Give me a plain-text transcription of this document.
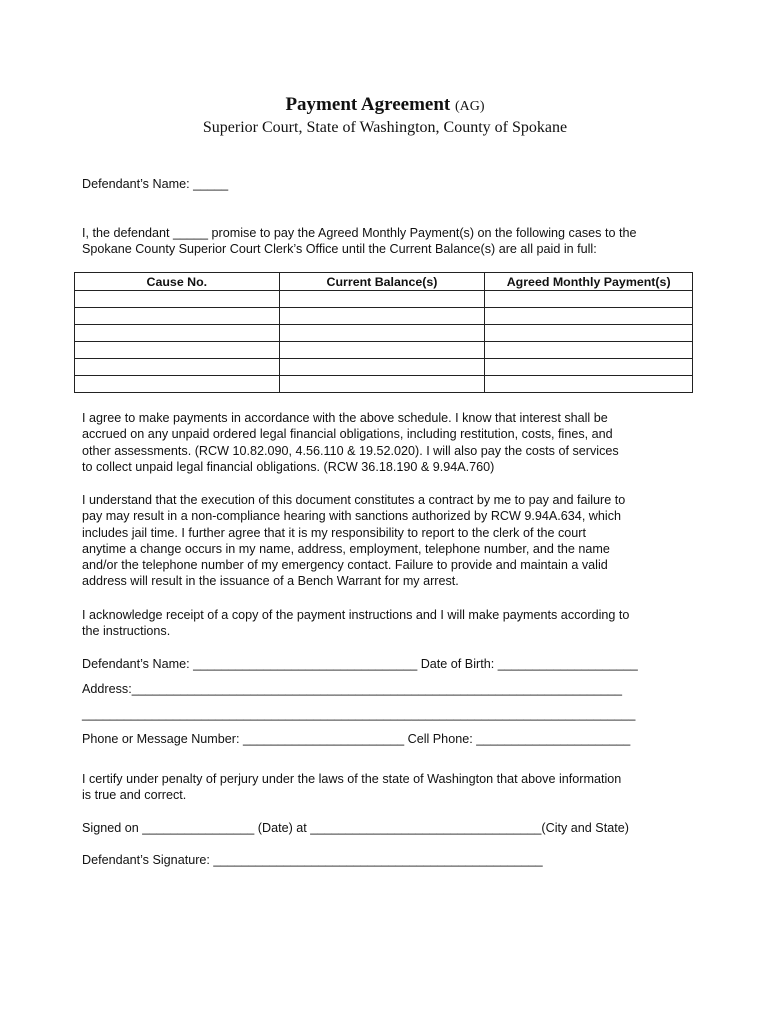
Payment Agreement (AG)
Superior Court, State of Washington, County of Spokane
Defendant’s Name: _____
I, the defendant _____ promise to pay the Agreed Monthly Payment(s) on the following cases to the
Spokane County Superior Court Clerk’s Office until the Current Balance(s) are all paid in full:
Cause No.	Current Balance(s)	Agreed Monthly Payment(s)

I agree to make payments in accordance with the above schedule. I know that interest shall be
accrued on any unpaid ordered legal financial obligations, including restitution, costs, fines, and
other assessments. (RCW 10.82.090, 4.56.110 & 19.52.020). I will also pay the costs of services
to collect unpaid legal financial obligations. (RCW 36.18.190 & 9.94A.760)
I understand that the execution of this document constitutes a contract by me to pay and failure to
pay may result in a non-compliance hearing with sanctions authorized by RCW 9.94A.634, which
includes jail time. I further agree that it is my responsibility to report to the clerk of the court
anytime a change occurs in my name, address, employment, telephone number, and the name
and/or the telephone number of my emergency contact. Failure to provide and maintain a valid
address will result in the issuance of a Bench Warrant for my arrest.
I acknowledge receipt of a copy of the payment instructions and I will make payments according to
the instructions.
Defendant’s Name: ________________________________ Date of Birth: ____________________
Address:______________________________________________________________________
_______________________________________________________________________________
Phone or Message Number: _______________________ Cell Phone: ______________________
I certify under penalty of perjury under the laws of the state of Washington that above information
is true and correct.
Signed on ________________ (Date) at _________________________________(City and State)
Defendant’s Signature: _______________________________________________
